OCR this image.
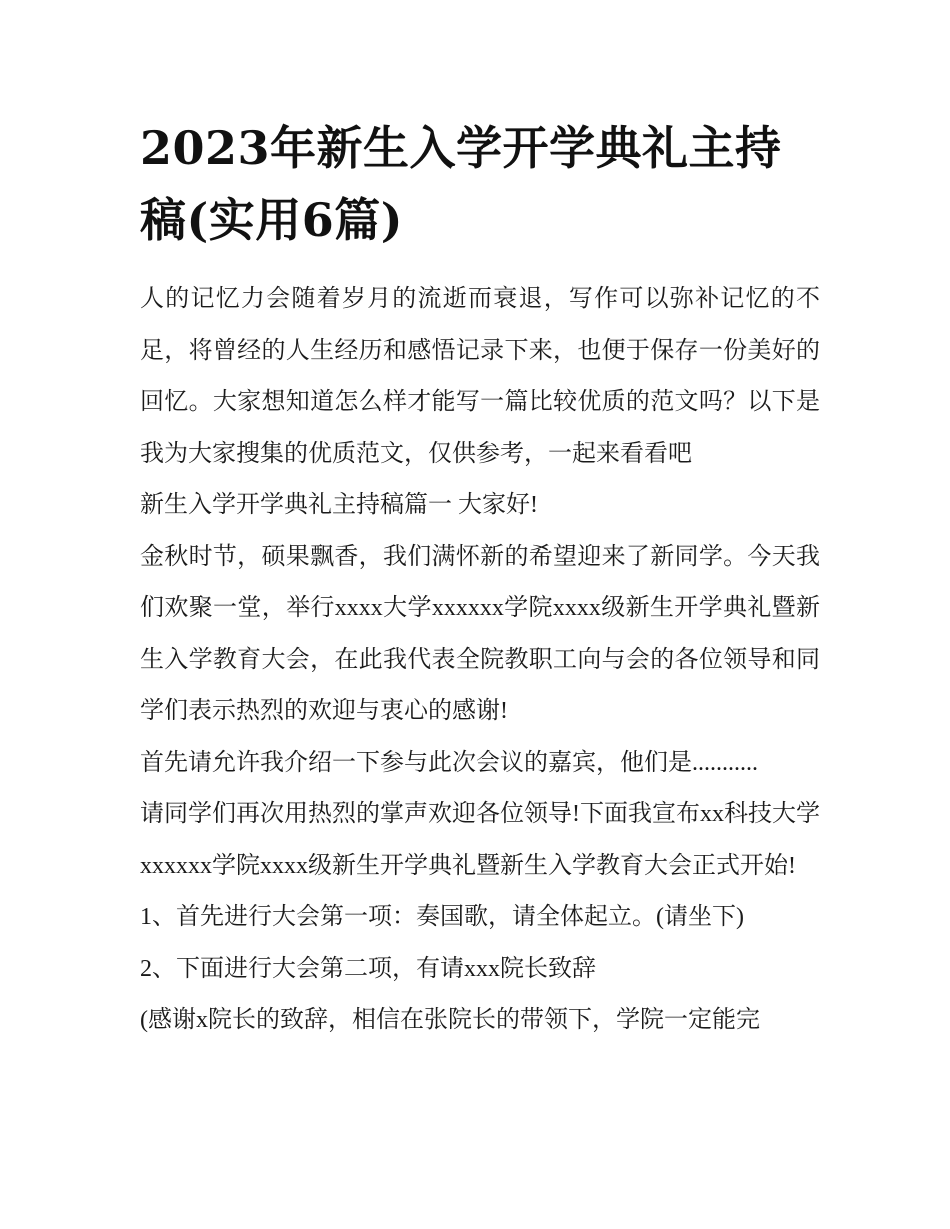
2023年新生入学开学典礼主持稿(实用6篇)

人的记忆力会随着岁月的流逝而衰退，写作可以弥补记忆的不足，将曾经的人生经历和感悟记录下来，也便于保存一份美好的回忆。大家想知道怎么样才能写一篇比较优质的范文吗？以下是我为大家搜集的优质范文，仅供参考，一起来看看吧

新生入学开学典礼主持稿篇一 大家好!

金秋时节，硕果飘香，我们满怀新的希望迎来了新同学。今天我们欢聚一堂，举行xxxx大学xxxxxx学院xxxx级新生开学典礼暨新生入学教育大会，在此我代表全院教职工向与会的各位领导和同学们表示热烈的欢迎与衷心的感谢!

首先请允许我介绍一下参与此次会议的嘉宾，他们是...........

请同学们再次用热烈的掌声欢迎各位领导!下面我宣布xx科技大学xxxxxx学院xxxx级新生开学典礼暨新生入学教育大会正式开始!

1、首先进行大会第一项：奏国歌，请全体起立。(请坐下)

2、下面进行大会第二项，有请xxx院长致辞

(感谢x院长的致辞，相信在张院长的带领下，学院一定能完
